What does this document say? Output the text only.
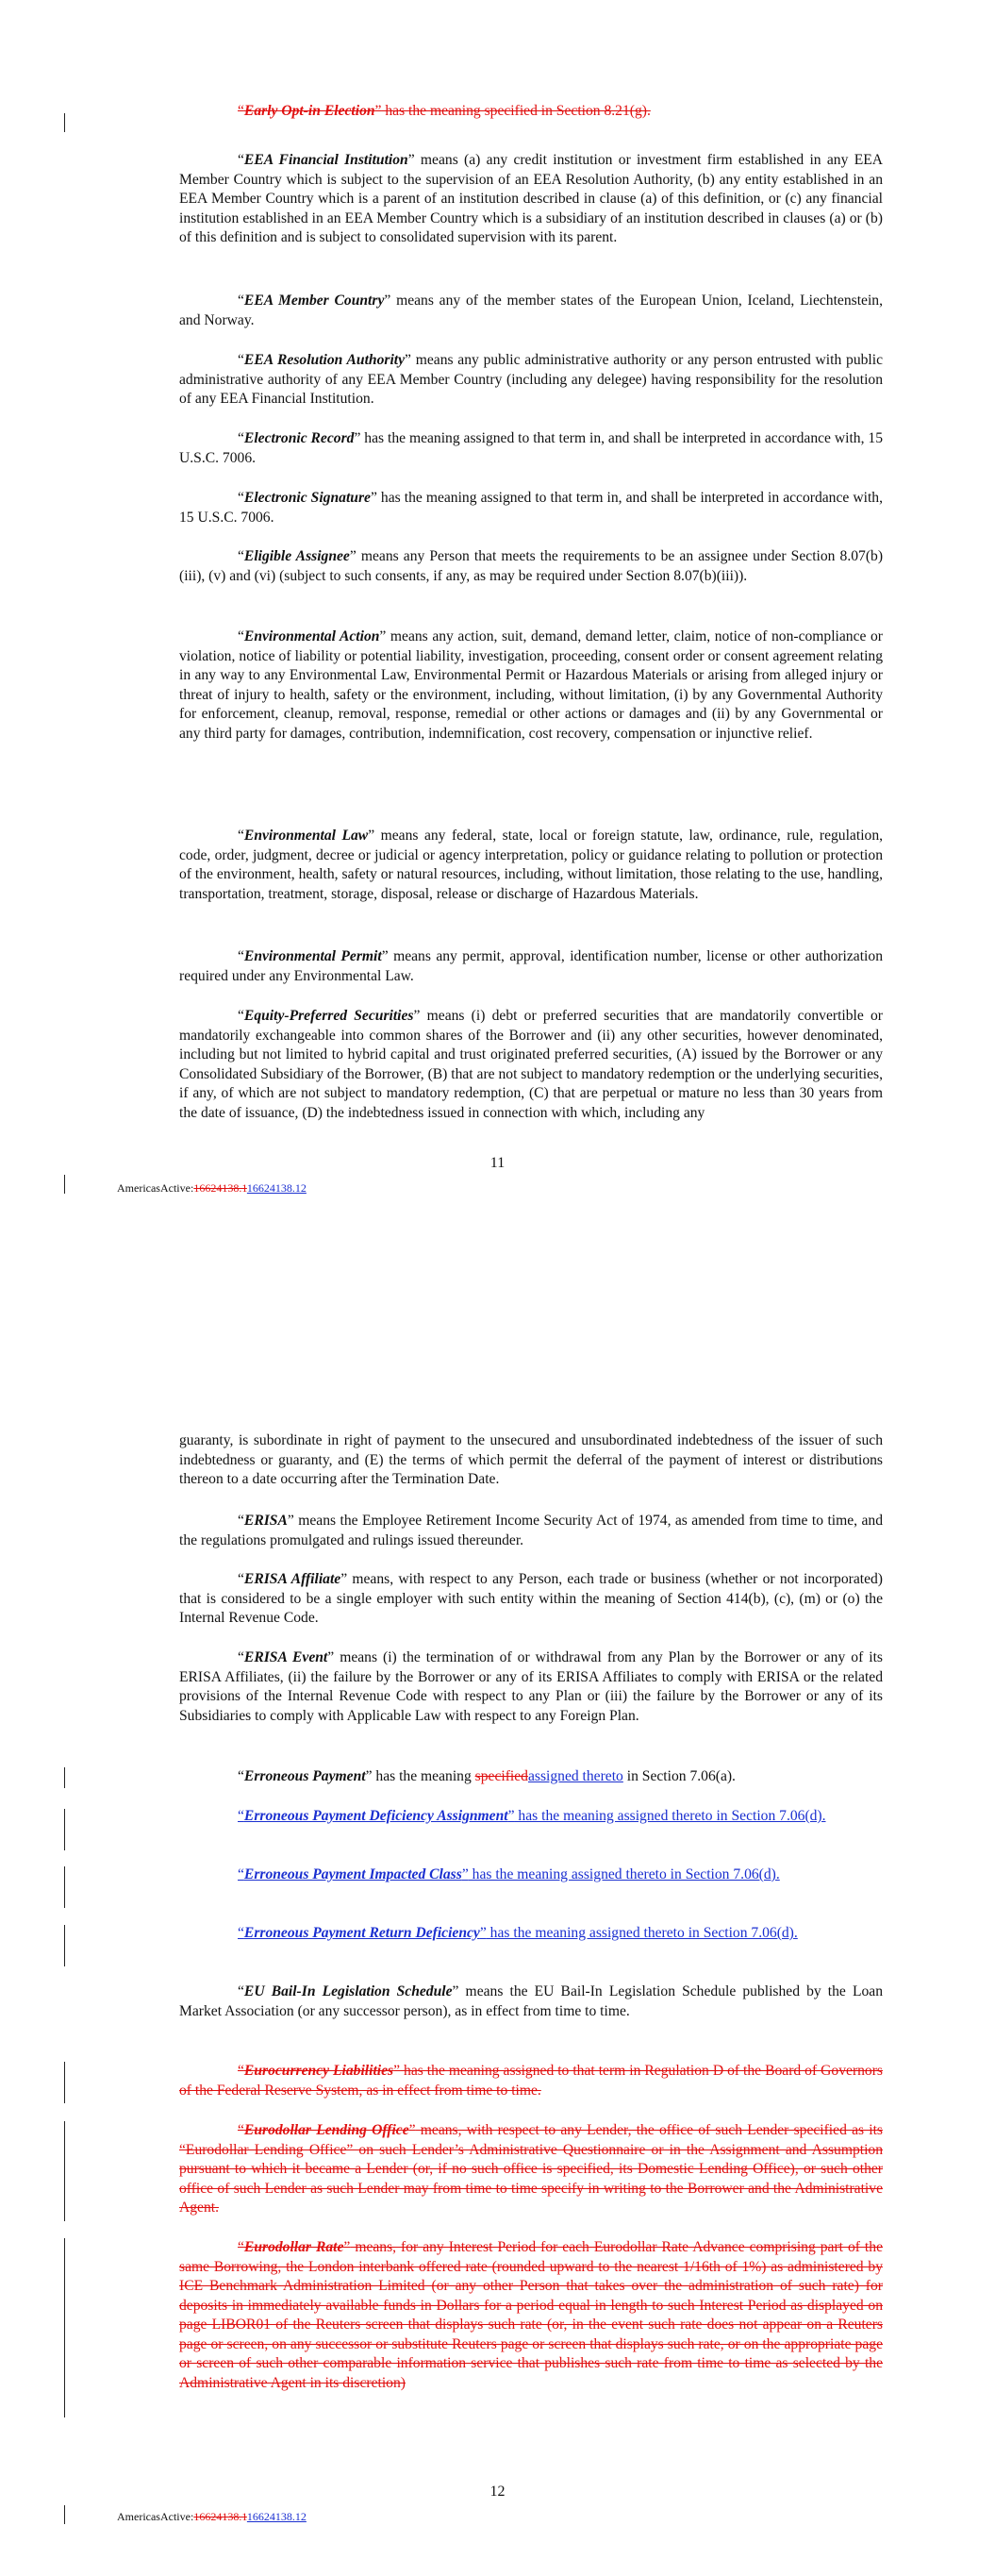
“Early Opt-in Election” has the meaning specified in Section 8.21(g).

“EEA Financial Institution” means (a) any credit institution or investment firm established in any EEA Member Country which is subject to the supervision of an EEA Resolution Authority, (b) any entity established in an EEA Member Country which is a parent of an institution described in clause (a) of this definition, or (c) any financial institution established in an EEA Member Country which is a subsidiary of an institution described in clauses (a) or (b) of this definition and is subject to consolidated supervision with its parent.

“EEA Member Country” means any of the member states of the European Union, Iceland, Liechtenstein, and Norway.

“EEA Resolution Authority” means any public administrative authority or any person entrusted with public administrative authority of any EEA Member Country (including any delegee) having responsibility for the resolution of any EEA Financial Institution.

“Electronic Record” has the meaning assigned to that term in, and shall be interpreted in accordance with, 15 U.S.C. 7006.

“Electronic Signature” has the meaning assigned to that term in, and shall be interpreted in accordance with, 15 U.S.C. 7006.

“Eligible Assignee” means any Person that meets the requirements to be an assignee under Section 8.07(b)(iii), (v) and (vi) (subject to such consents, if any, as may be required under Section 8.07(b)(iii)).

“Environmental Action” means any action, suit, demand, demand letter, claim, notice of non-compliance or violation, notice of liability or potential liability, investigation, proceeding, consent order or consent agreement relating in any way to any Environmental Law, Environmental Permit or Hazardous Materials or arising from alleged injury or threat of injury to health, safety or the environment, including, without limitation, (i) by any Governmental Authority for enforcement, cleanup, removal, response, remedial or other actions or damages and (ii) by any Governmental or any third party for damages, contribution, indemnification, cost recovery, compensation or injunctive relief.

“Environmental Law” means any federal, state, local or foreign statute, law, ordinance, rule, regulation, code, order, judgment, decree or judicial or agency interpretation, policy or guidance relating to pollution or protection of the environment, health, safety or natural resources, including, without limitation, those relating to the use, handling, transportation, treatment, storage, disposal, release or discharge of Hazardous Materials.

“Environmental Permit” means any permit, approval, identification number, license or other authorization required under any Environmental Law.

“Equity-Preferred Securities” means (i) debt or preferred securities that are mandatorily convertible or mandatorily exchangeable into common shares of the Borrower and (ii) any other securities, however denominated, including but not limited to hybrid capital and trust originated preferred securities, (A) issued by the Borrower or any Consolidated Subsidiary of the Borrower, (B) that are not subject to mandatory redemption or the underlying securities, if any, of which are not subject to mandatory redemption, (C) that are perpetual or mature no less than 30 years from the date of issuance, (D) the indebtedness issued in connection with which, including any

11
AmericasActive:16624138.116624138.12

guaranty, is subordinate in right of payment to the unsecured and unsubordinated indebtedness of the issuer of such indebtedness or guaranty, and (E) the terms of which permit the deferral of the payment of interest or distributions thereon to a date occurring after the Termination Date.

“ERISA” means the Employee Retirement Income Security Act of 1974, as amended from time to time, and the regulations promulgated and rulings issued thereunder.

“ERISA Affiliate” means, with respect to any Person, each trade or business (whether or not incorporated) that is considered to be a single employer with such entity within the meaning of Section 414(b), (c), (m) or (o) the Internal Revenue Code.

“ERISA Event” means (i) the termination of or withdrawal from any Plan by the Borrower or any of its ERISA Affiliates, (ii) the failure by the Borrower or any of its ERISA Affiliates to comply with ERISA or the related provisions of the Internal Revenue Code with respect to any Plan or (iii) the failure by the Borrower or any of its Subsidiaries to comply with Applicable Law with respect to any Foreign Plan.

“Erroneous Payment” has the meaning specifiedassigned thereto in Section 7.06(a).

“Erroneous Payment Deficiency Assignment” has the meaning assigned thereto in Section 7.06(d).

“Erroneous Payment Impacted Class” has the meaning assigned thereto in Section 7.06(d).

“Erroneous Payment Return Deficiency” has the meaning assigned thereto in Section 7.06(d).

“EU Bail-In Legislation Schedule” means the EU Bail-In Legislation Schedule published by the Loan Market Association (or any successor person), as in effect from time to time.

“Eurocurrency Liabilities” has the meaning assigned to that term in Regulation D of the Board of Governors of the Federal Reserve System, as in effect from time to time.

“Eurodollar Lending Office” means, with respect to any Lender, the office of such Lender specified as its “Eurodollar Lending Office” on such Lender’s Administrative Questionnaire or in the Assignment and Assumption pursuant to which it became a Lender (or, if no such office is specified, its Domestic Lending Office), or such other office of such Lender as such Lender may from time to time specify in writing to the Borrower and the Administrative Agent.

“Eurodollar Rate” means, for any Interest Period for each Eurodollar Rate Advance comprising part of the same Borrowing, the London interbank offered rate (rounded upward to the nearest 1/16th of 1%) as administered by ICE Benchmark Administration Limited (or any other Person that takes over the administration of such rate) for deposits in immediately available funds in Dollars for a period equal in length to such Interest Period as displayed on page LIBOR01 of the Reuters screen that displays such rate (or, in the event such rate does not appear on a Reuters page or screen, on any successor or substitute Reuters page or screen that displays such rate, or on the appropriate page or screen of such other comparable information service that publishes such rate from time to time as selected by the Administrative Agent in its discretion)

12
AmericasActive:16624138.116624138.12
